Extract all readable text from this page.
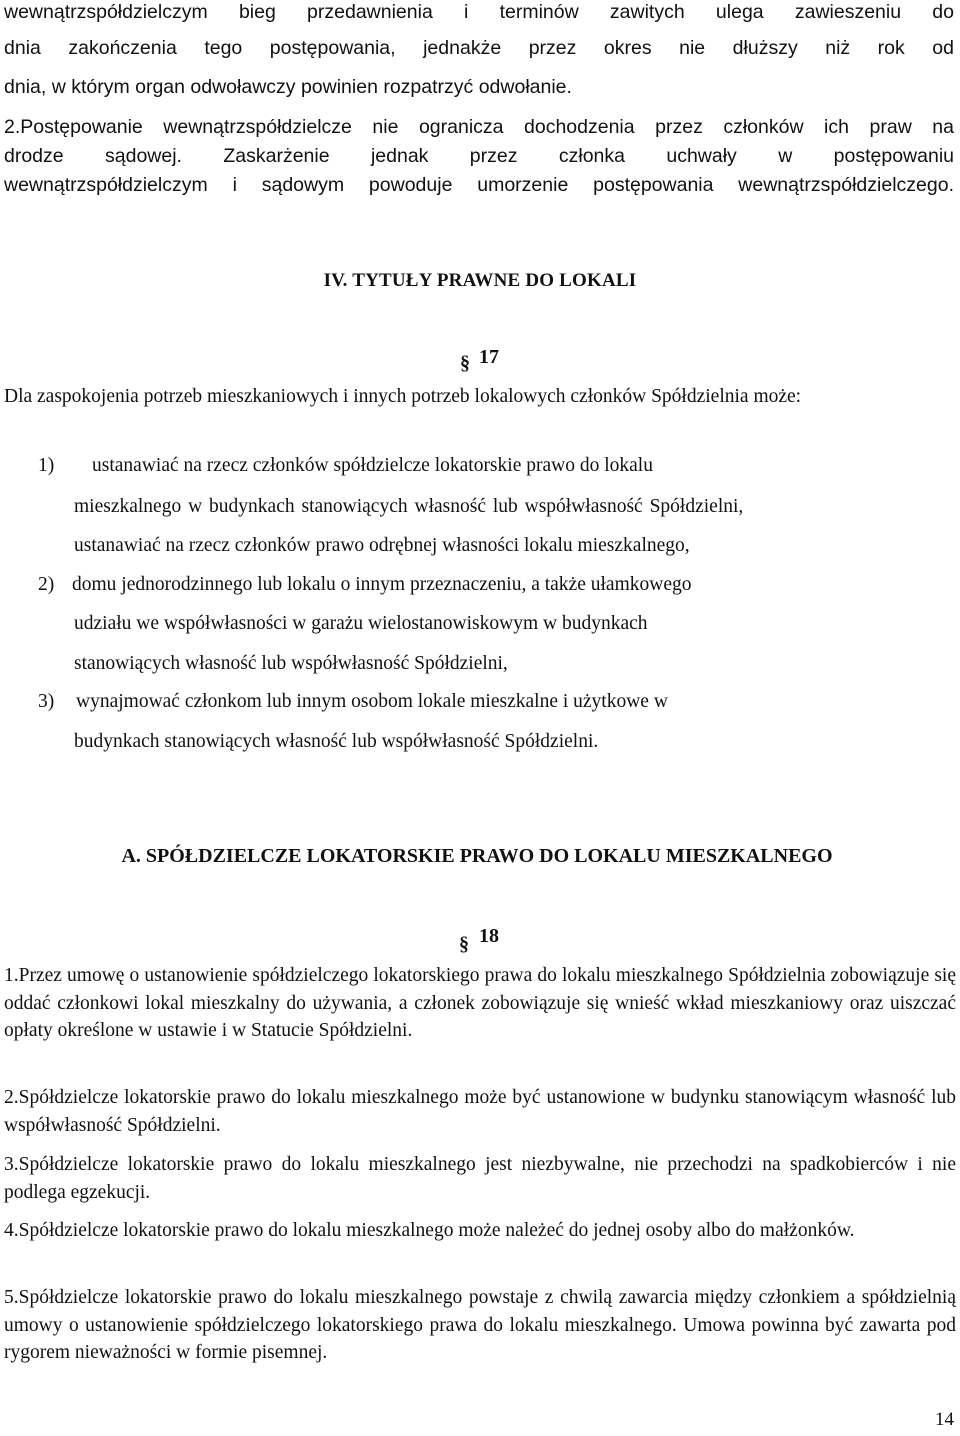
wewnątrzspółdzielczym bieg przedawnienia i terminów zawitych ulega zawieszeniu do
dnia zakończenia tego postępowania, jednakże przez okres nie dłuższy niż rok od
dnia, w którym organ odwoławczy powinien rozpatrzyć odwołanie.
2.Postępowanie wewnątrzspółdzielcze nie ogranicza dochodzenia przez członków ich praw na
drodze sądowej. Zaskarżenie jednak przez członka uchwały w postępowaniu
wewnątrzspółdzielczym i sądowym powoduje umorzenie postępowania wewnątrzspółdzielczego.
IV. TYTUŁY PRAWNE DO LOKALI
§ 17
Dla zaspokojenia potrzeb mieszkaniowych i innych potrzeb lokalowych członków Spółdzielnia może:
1) ustanawiać na rzecz członków spółdzielcze lokatorskie prawo do lokalu
mieszkalnego w budynkach stanowiących własność lub współwłasność Spółdzielni,
ustanawiać na rzecz członków prawo odrębnej własności lokalu mieszkalnego,
2) domu jednorodzinnego lub lokalu o innym przeznaczeniu, a także ułamkowego
udziału we współwłasności w garażu wielostanowiskowym w budynkach
stanowiących własność lub współwłasność Spółdzielni,
3) wynajmować członkom lub innym osobom lokale mieszkalne i użytkowe w
budynkach stanowiących własność lub współwłasność Spółdzielni.
A. SPÓŁDZIELCZE LOKATORSKIE PRAWO DO LOKALU MIESZKALNEGO
§ 18
1.Przez umowę o ustanowienie spółdzielczego lokatorskiego prawa do lokalu mieszkalnego Spółdzielnia zobowiązuje się oddać członkowi lokal mieszkalny do używania, a członek zobowiązuje się wnieść wkład mieszkaniowy oraz uiszczać opłaty określone w ustawie i w Statucie Spółdzielni.
2.Spółdzielcze lokatorskie prawo do lokalu mieszkalnego może być ustanowione w budynku stanowiącym własność lub współwłasność Spółdzielni.
3.Spółdzielcze lokatorskie prawo do lokalu mieszkalnego jest niezbywalne, nie przechodzi na spadkobierców i nie podlega egzekucji.
4.Spółdzielcze lokatorskie prawo do lokalu mieszkalnego może należeć do jednej osoby albo do małżonków.
5.Spółdzielcze lokatorskie prawo do lokalu mieszkalnego powstaje z chwilą zawarcia między członkiem a spółdzielnią umowy o ustanowienie spółdzielczego lokatorskiego prawa do lokalu mieszkalnego. Umowa powinna być zawarta pod rygorem nieważności w formie pisemnej.
14
